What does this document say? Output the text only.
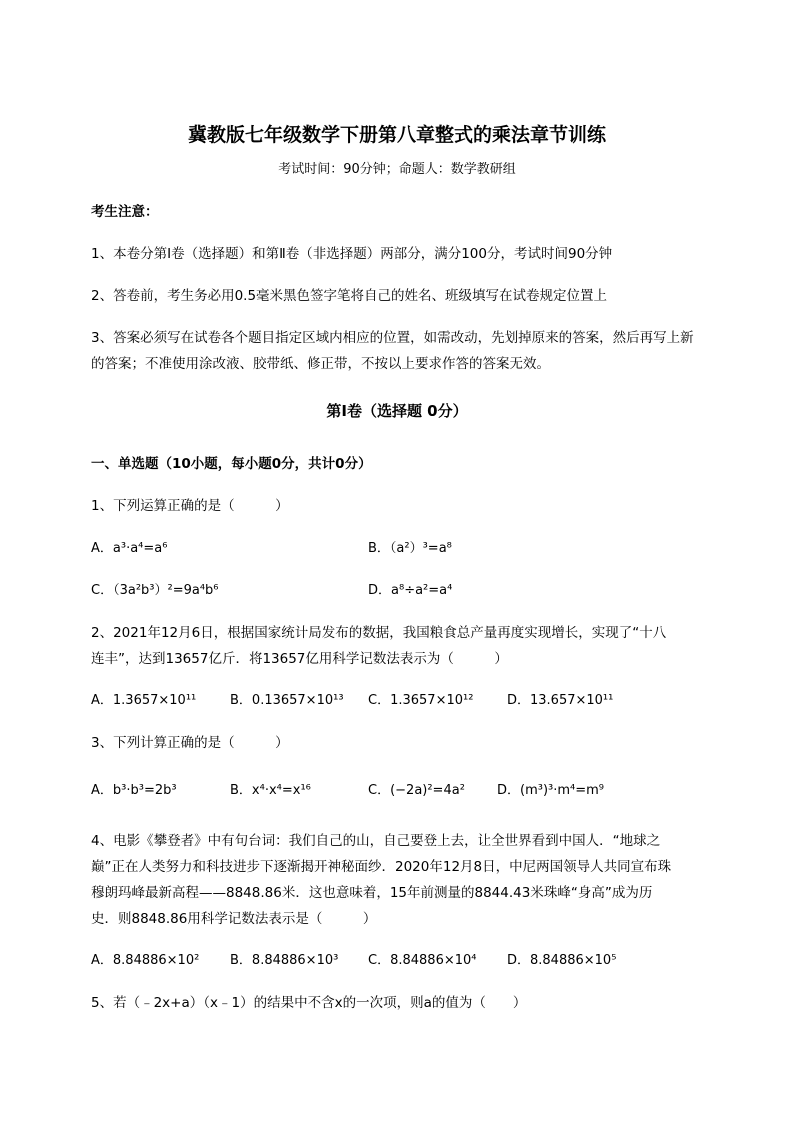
冀教版七年级数学下册第八章整式的乘法章节训练
考试时间：90分钟；命题人：数学教研组
考生注意：
1、本卷分第I卷（选择题）和第Ⅱ卷（非选择题）两部分，满分100分，考试时间90分钟
2、答卷前，考生务必用0.5毫米黑色签字笔将自己的姓名、班级填写在试卷规定位置上
3、答案必须写在试卷各个题目指定区域内相应的位置，如需改动，先划掉原来的答案，然后再写上新
的答案；不准使用涂改液、胶带纸、修正带，不按以上要求作答的答案无效。
第I卷（选择题 0分）
一、单选题（10小题，每小题0分，共计0分）
1、下列运算正确的是（　　　）
A．a³·a⁴=a⁶	B．（a²）³=a⁸
C．（3a²b³）²=9a⁴b⁶	D．a⁸÷a²=a⁴
2、2021年12月6日，根据国家统计局发布的数据，我国粮食总产量再度实现增长，实现了“十八
连丰”，达到13657亿斤．将13657亿用科学记数法表示为（　　　）
A．1.3657×10¹¹	B．0.13657×10¹³ C．1.3657×10¹²	D．13.657×10¹¹
3、下列计算正确的是（　　　）
A．b³·b³=2b³	B．x⁴·x⁴=x¹⁶	C．(−2a)²=4a² D．(m³)³·m⁴=m⁹
4、电影《攀登者》中有句台词：我们自己的山，自己要登上去，让全世界看到中国人．“地球之
巅”正在人类努力和科技进步下逐渐揭开神秘面纱．2020年12月8日，中尼两国领导人共同宣布珠
穆朗玛峰最新高程——8848.86米．这也意味着，15年前测量的8844.43米珠峰“身高”成为历
史．则8848.86用科学记数法表示是（　　　）
A．8.84886×10² B．8.84886×10³ C．8.84886×10⁴ D．8.84886×10⁵
5、若（﹣2x+a）（x﹣1）的结果中不含x的一次项，则a的值为（　　）
